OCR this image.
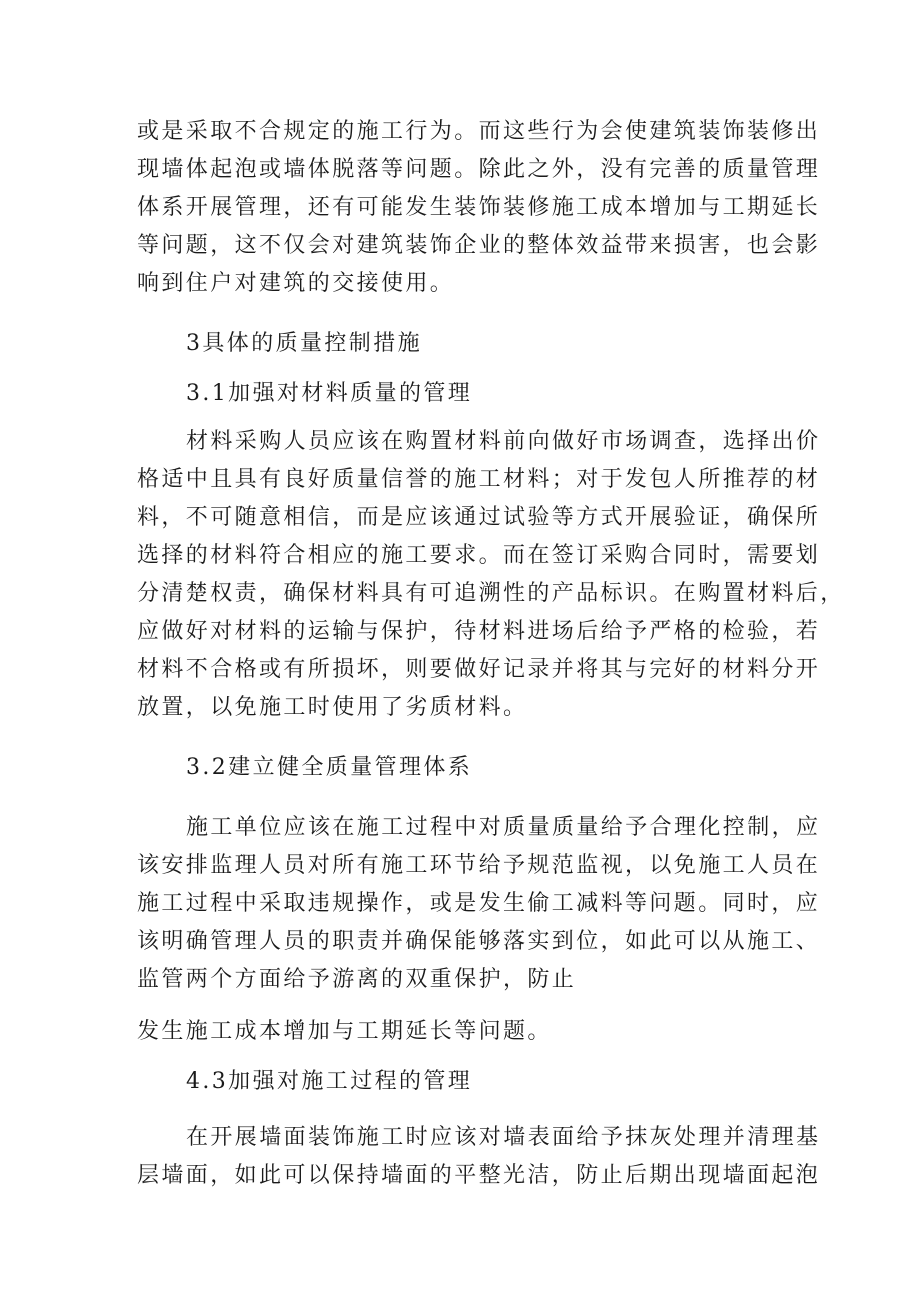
或是采取不合规定的施工行为。而这些行为会使建筑装饰装修出
现墙体起泡或墙体脱落等问题。除此之外，没有完善的质量管理
体系开展管理，还有可能发生装饰装修施工成本增加与工期延长
等问题，这不仅会对建筑装饰企业的整体效益带来损害，也会影
响到住户对建筑的交接使用。
3具体的质量控制措施
3.1加强对材料质量的管理
材料采购人员应该在购置材料前向做好市场调查，选择出价
格适中且具有良好质量信誉的施工材料；对于发包人所推荐的材
料，不可随意相信，而是应该通过试验等方式开展验证，确保所
选择的材料符合相应的施工要求。而在签订采购合同时，需要划
分清楚权责，确保材料具有可追溯性的产品标识。在购置材料后，
应做好对材料的运输与保护，待材料进场后给予严格的检验，若
材料不合格或有所损坏，则要做好记录并将其与完好的材料分开
放置，以免施工时使用了劣质材料。
3.2建立健全质量管理体系
施工单位应该在施工过程中对质量质量给予合理化控制，应
该安排监理人员对所有施工环节给予规范监视，以免施工人员在
施工过程中采取违规操作，或是发生偷工减料等问题。同时，应
该明确管理人员的职责并确保能够落实到位，如此可以从施工、
监管两个方面给予游离的双重保护，防止
发生施工成本增加与工期延长等问题。
4.3加强对施工过程的管理
在开展墙面装饰施工时应该对墙表面给予抹灰处理并清理基
层墙面，如此可以保持墙面的平整光洁，防止后期出现墙面起泡
